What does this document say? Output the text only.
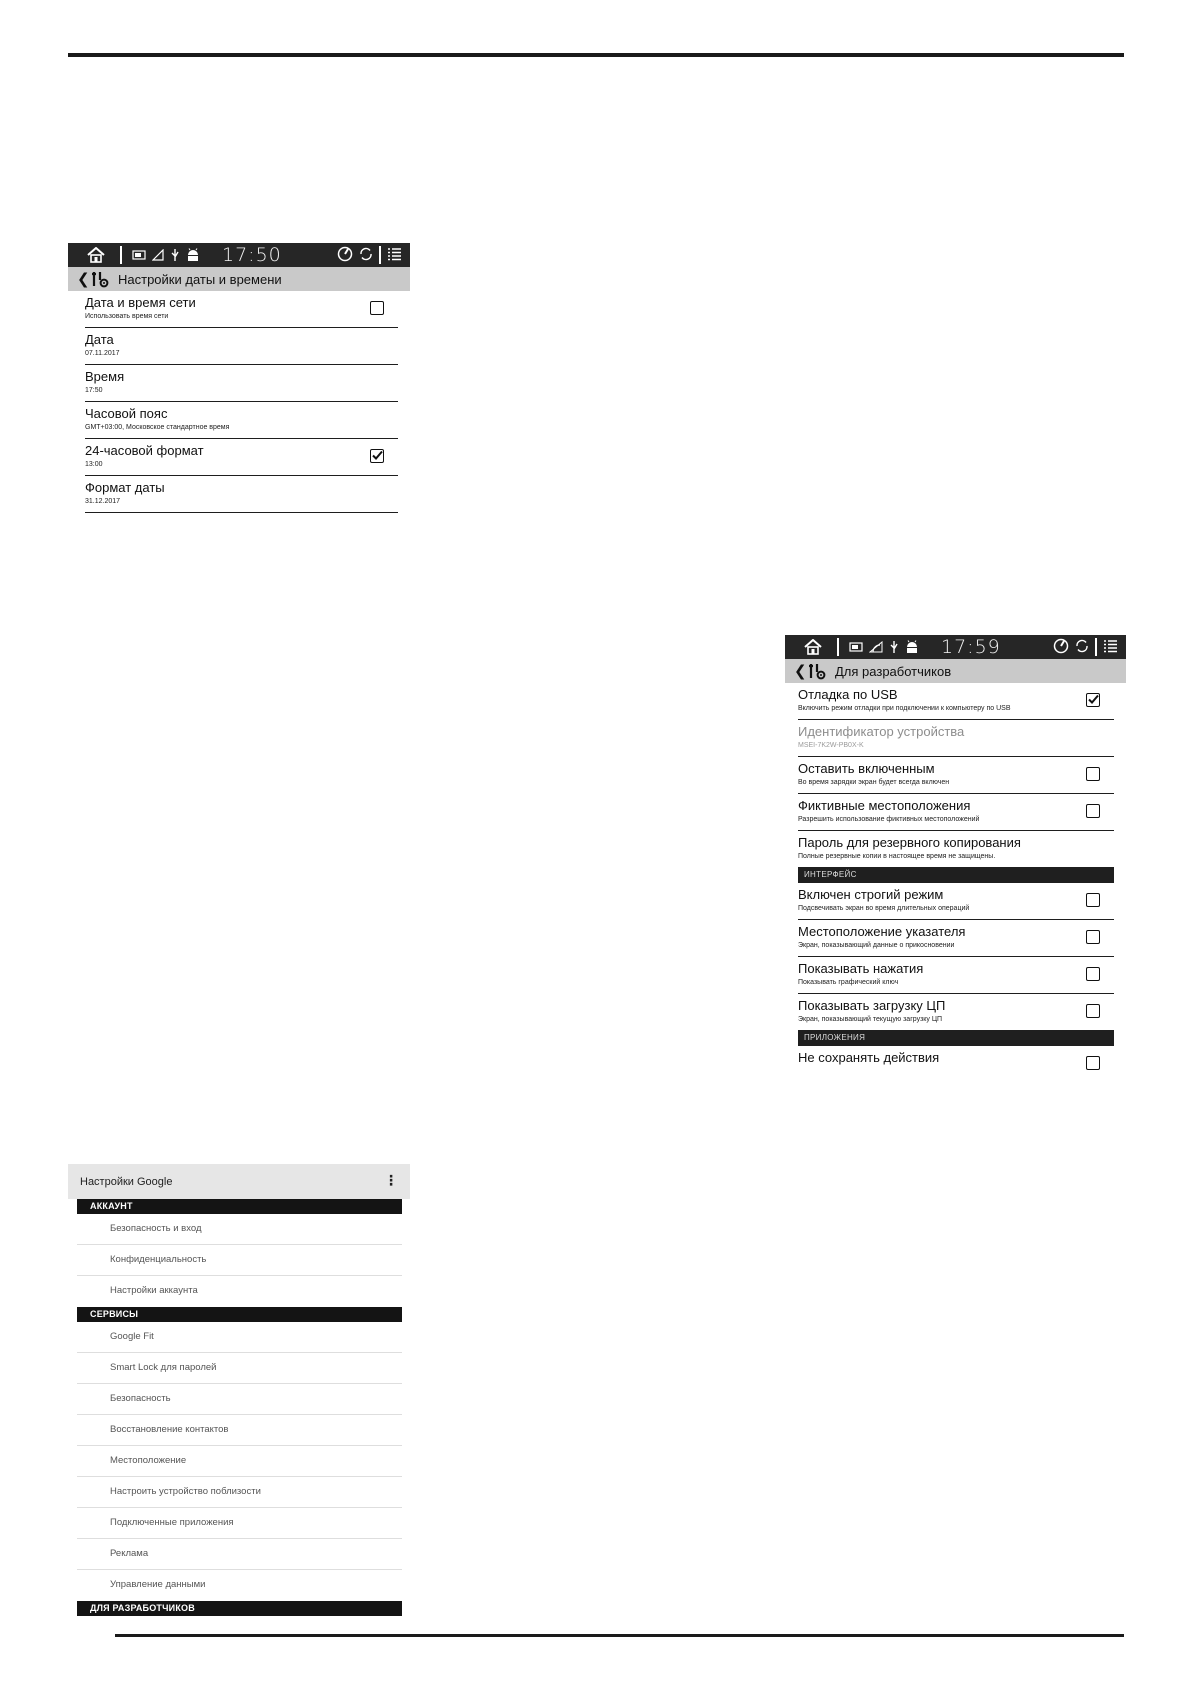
17:50
❮ Настройки даты и времени
Дата и время сети
Использовать время сети
Дата
07.11.2017
Время
17:50
Часовой пояс
GMT+03:00, Московское стандартное время
24-часовой формат
13:00
Формат даты
31.12.2017
17:59
❮ Для разработчиков
Отладка по USB
Включить режим отладки при подключении к компьютеру по USB
Идентификатор устройства
MSEI-7K2W-PB0X-K
Оставить включенным
Во время зарядки экран будет всегда включен
Фиктивные местоположения
Разрешить использование фиктивных местоположений
Пароль для резервного копирования
Полные резервные копии в настоящее время не защищены.
ИНТЕРФЕЙС
Включен строгий режим
Подсвечивать экран во время длительных операций
Местоположение указателя
Экран, показывающий данные о прикосновении
Показывать нажатия
Показывать графический ключ
Показывать загрузку ЦП
Экран, показывающий текущую загрузку ЦП
ПРИЛОЖЕНИЯ
Не сохранять действия
Настройки Google	⋮
АККАУНТ
Безопасность и вход
Конфиденциальность
Настройки аккаунта
СЕРВИСЫ
Google Fit
Smart Lock для паролей
Безопасность
Восстановление контактов
Местоположение
Настроить устройство поблизости
Подключенные приложения
Реклама
Управление данными
ДЛЯ РАЗРАБОТЧИКОВ
